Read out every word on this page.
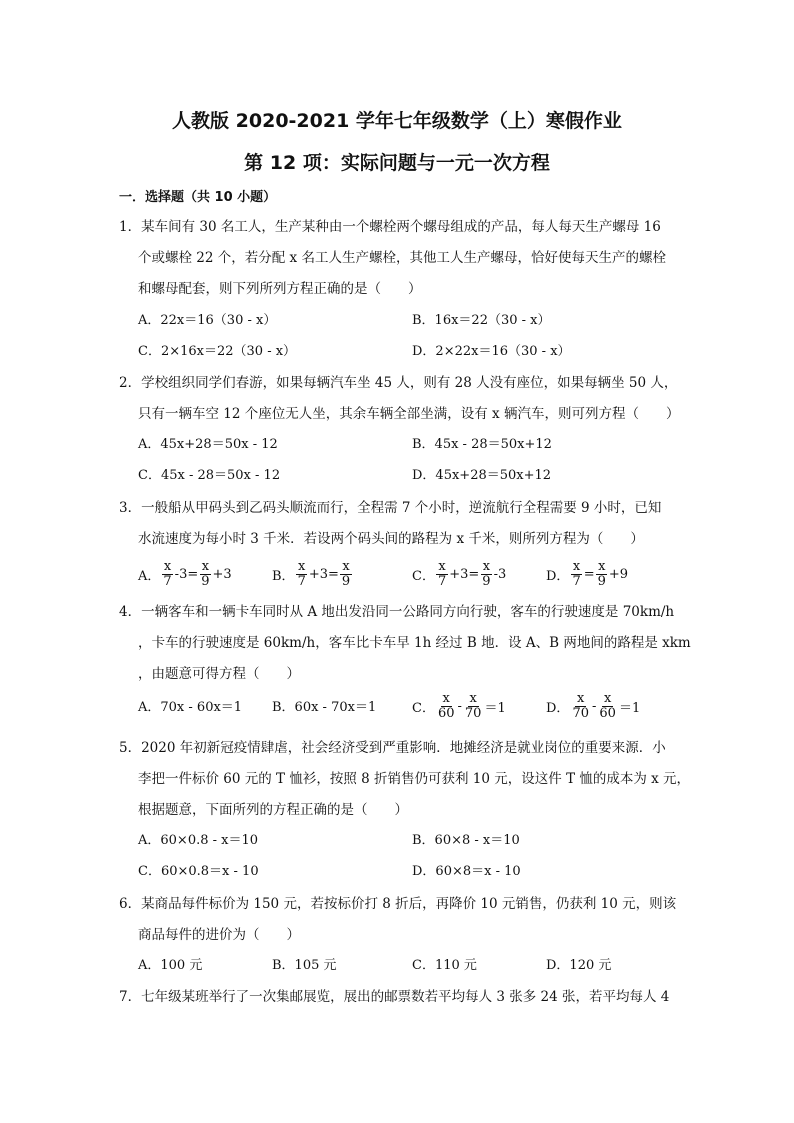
人教版 2020-2021 学年七年级数学（上）寒假作业
第 12 项：实际问题与一元一次方程
一．选择题（共 10 小题）
1．某车间有 30 名工人，生产某种由一个螺栓两个螺母组成的产品，每人每天生产螺母 16
个或螺栓 22 个，若分配 x 名工人生产螺栓，其他工人生产螺母，恰好使每天生产的螺栓
和螺母配套，则下列所列方程正确的是（　　）
A．22x＝16（30 - x）	B．16x＝22（30 - x）
C．2×16x＝22（30 - x）	D．2×22x＝16（30 - x）
2．学校组织同学们春游，如果每辆汽车坐 45 人，则有 28 人没有座位，如果每辆坐 50 人，
只有一辆车空 12 个座位无人坐，其余车辆全部坐满，设有 x 辆汽车，则可列方程（　　）
A．45x+28＝50x - 12	B．45x - 28＝50x+12
C．45x - 28＝50x - 12	D．45x+28＝50x+12
3．一般船从甲码头到乙码头顺流而行，全程需 7 个小时，逆流航行全程需要 9 小时，已知
水流速度为每小时 3 千米．若设两个码头间的路程为 x 千米，则所列方程为（　　）
A． $\frac{x}{7} -3= \frac{x}{9} +3$	B． $\frac{x}{7} +3= \frac{x}{9}$	C． $\frac{x}{7} +3= \frac{x}{9} -3$	D． $\frac{x}{7} = \frac{x}{9} +9$
4．一辆客车和一辆卡车同时从 A 地出发沿同一公路同方向行驶，客车的行驶速度是 70km/h
，卡车的行驶速度是 60km/h，客车比卡车早 1h 经过 B 地．设 A、B 两地间的路程是 xkm
，由题意可得方程（　　）
A．70x - 60x＝1 B．60x - 70x＝1	C． $\frac{x}{60} - \frac{x}{70} =1$	D． $\frac{x}{70} - \frac{x}{60} =1$
5．2020 年初新冠疫情肆虐，社会经济受到严重影响．地摊经济是就业岗位的重要来源．小
李把一件标价 60 元的 T 恤衫，按照 8 折销售仍可获利 10 元，设这件 T 恤的成本为 x 元，
根据题意，下面所列的方程正确的是（　　）
A．60×0.8 - x＝10	B．60×8 - x＝10
C．60×0.8＝x - 10	D．60×8＝x - 10
6．某商品每件标价为 150 元，若按标价打 8 折后，再降价 10 元销售，仍获利 10 元，则该
商品每件的进价为（　　）
A．100 元	B．105 元	C．110 元	D．120 元
7．七年级某班举行了一次集邮展览，展出的邮票数若平均每人 3 张多 24 张，若平均每人 4
